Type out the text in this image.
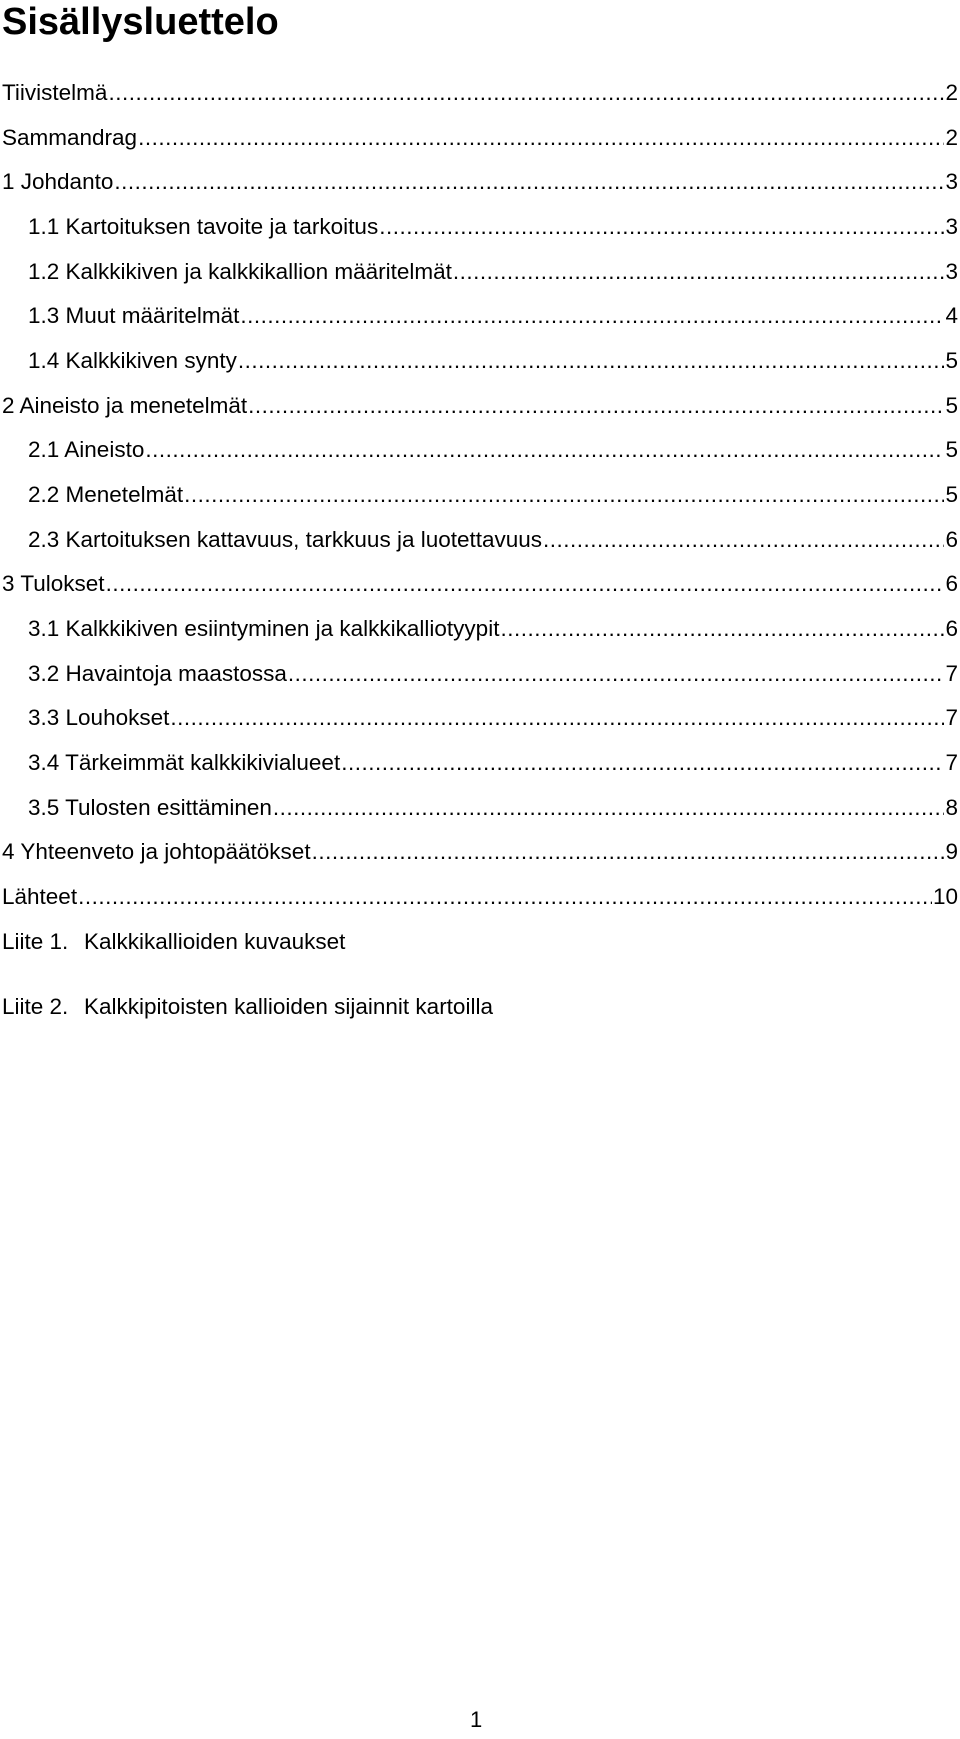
Sisällysluettelo
Tiivistelmä .....	2
Sammandrag .....	2
1 Johdanto .....	3
1.1 Kartoituksen tavoite ja tarkoitus .....	3
1.2 Kalkkikiven ja kalkkikallion määritelmät .....	3
1.3 Muut määritelmät .....	4
1.4 Kalkkikiven synty .....	5
2 Aineisto ja menetelmät .....	5
2.1 Aineisto .....	5
2.2 Menetelmät .....	5
2.3 Kartoituksen kattavuus, tarkkuus ja luotettavuus .....	6
3 Tulokset .....	6
3.1 Kalkkikiven esiintyminen ja kalkkikalliotyypit .....	6
3.2 Havaintoja maastossa .....	7
3.3 Louhokset .....	7
3.4 Tärkeimmät kalkkikivialueet .....	7
3.5 Tulosten esittäminen .....	8
4 Yhteenveto ja johtopäätökset .....	9
Lähteet .....	10
Liite 1. Kalkkikallioiden kuvaukset
Liite 2. Kalkkipitoisten kallioiden sijainnit kartoilla
1
